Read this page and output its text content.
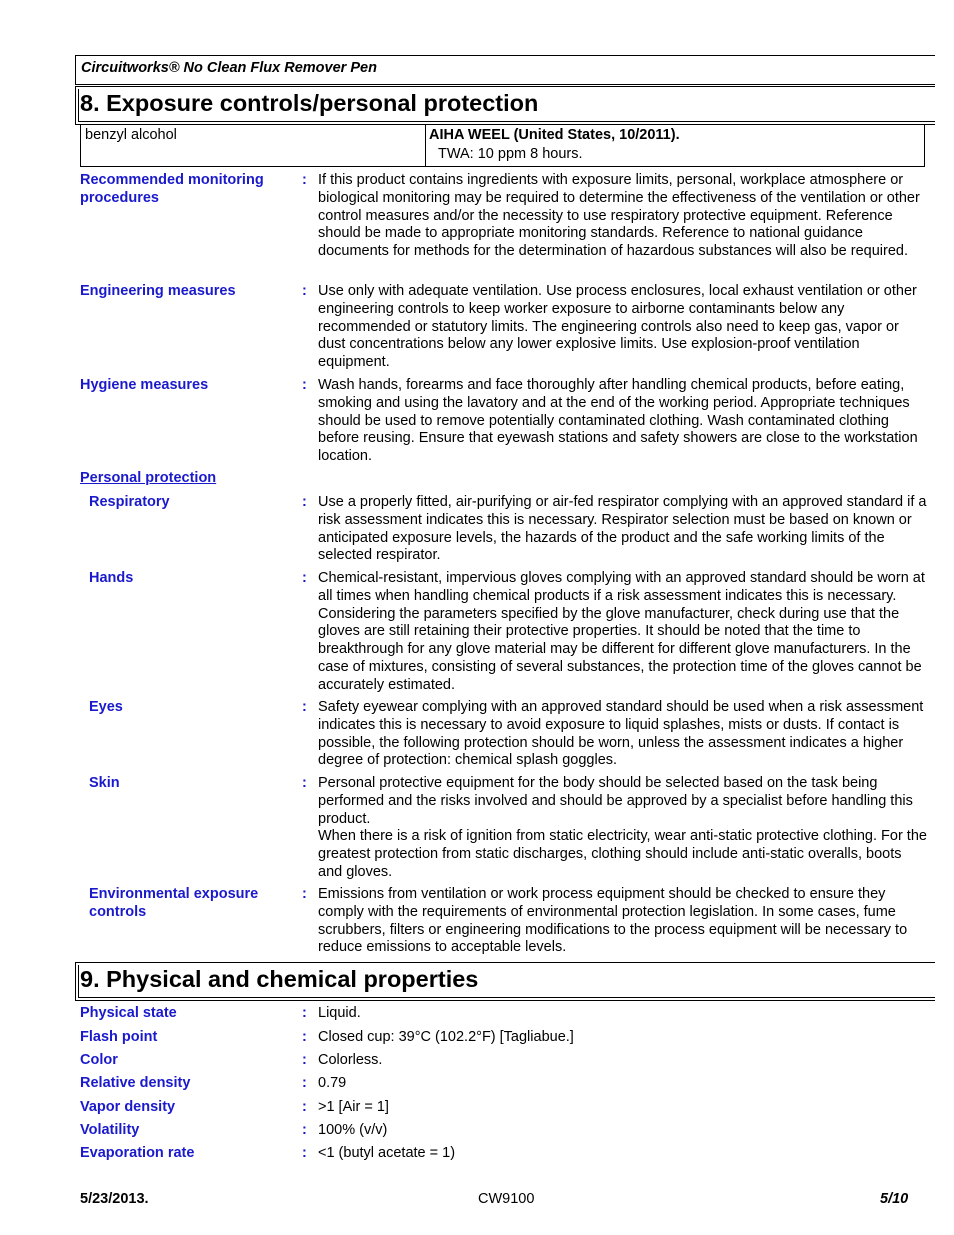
Circuitworks® No Clean Flux Remover Pen
8. Exposure controls/personal protection
benzyl alcohol	AIHA WEEL (United States, 10/2011).
TWA: 10 ppm 8 hours.
Recommended monitoring procedures
: If this product contains ingredients with exposure limits, personal, workplace atmosphere or biological monitoring may be required to determine the effectiveness of the ventilation or other control measures and/or the necessity to use respiratory protective equipment. Reference should be made to appropriate monitoring standards. Reference to national guidance documents for methods for the determination of hazardous substances will also be required.
Engineering measures	: Use only with adequate ventilation. Use process enclosures, local exhaust ventilation or other engineering controls to keep worker exposure to airborne contaminants below any recommended or statutory limits. The engineering controls also need to keep gas, vapor or dust concentrations below any lower explosive limits. Use explosion-proof ventilation equipment.
Hygiene measures	: Wash hands, forearms and face thoroughly after handling chemical products, before eating, smoking and using the lavatory and at the end of the working period. Appropriate techniques should be used to remove potentially contaminated clothing. Wash contaminated clothing before reusing. Ensure that eyewash stations and safety showers are close to the workstation location.
Personal protection
Respiratory	: Use a properly fitted, air-purifying or air-fed respirator complying with an approved standard if a risk assessment indicates this is necessary. Respirator selection must be based on known or anticipated exposure levels, the hazards of the product and the safe working limits of the selected respirator.
Hands	: Chemical-resistant, impervious gloves complying with an approved standard should be worn at all times when handling chemical products if a risk assessment indicates this is necessary. Considering the parameters specified by the glove manufacturer, check during use that the gloves are still retaining their protective properties. It should be noted that the time to breakthrough for any glove material may be different for different glove manufacturers. In the case of mixtures, consisting of several substances, the protection time of the gloves cannot be accurately estimated.
Eyes	: Safety eyewear complying with an approved standard should be used when a risk assessment indicates this is necessary to avoid exposure to liquid splashes, mists or dusts. If contact is possible, the following protection should be worn, unless the assessment indicates a higher degree of protection: chemical splash goggles.
Skin	: Personal protective equipment for the body should be selected based on the task being performed and the risks involved and should be approved by a specialist before handling this product.
When there is a risk of ignition from static electricity, wear anti-static protective clothing. For the greatest protection from static discharges, clothing should include anti-static overalls, boots and gloves.
Environmental exposure controls
: Emissions from ventilation or work process equipment should be checked to ensure they comply with the requirements of environmental protection legislation. In some cases, fume scrubbers, filters or engineering modifications to the process equipment will be necessary to reduce emissions to acceptable levels.
9. Physical and chemical properties
Physical state	: Liquid.
Flash point	: Closed cup: 39°C (102.2°F) [Tagliabue.]
Color	: Colorless.
Relative density	: 0.79
Vapor density	: >1 [Air = 1]
Volatility	: 100% (v/v)
Evaporation rate	: <1 (butyl acetate = 1)
5/23/2013.	CW9100	5/10
